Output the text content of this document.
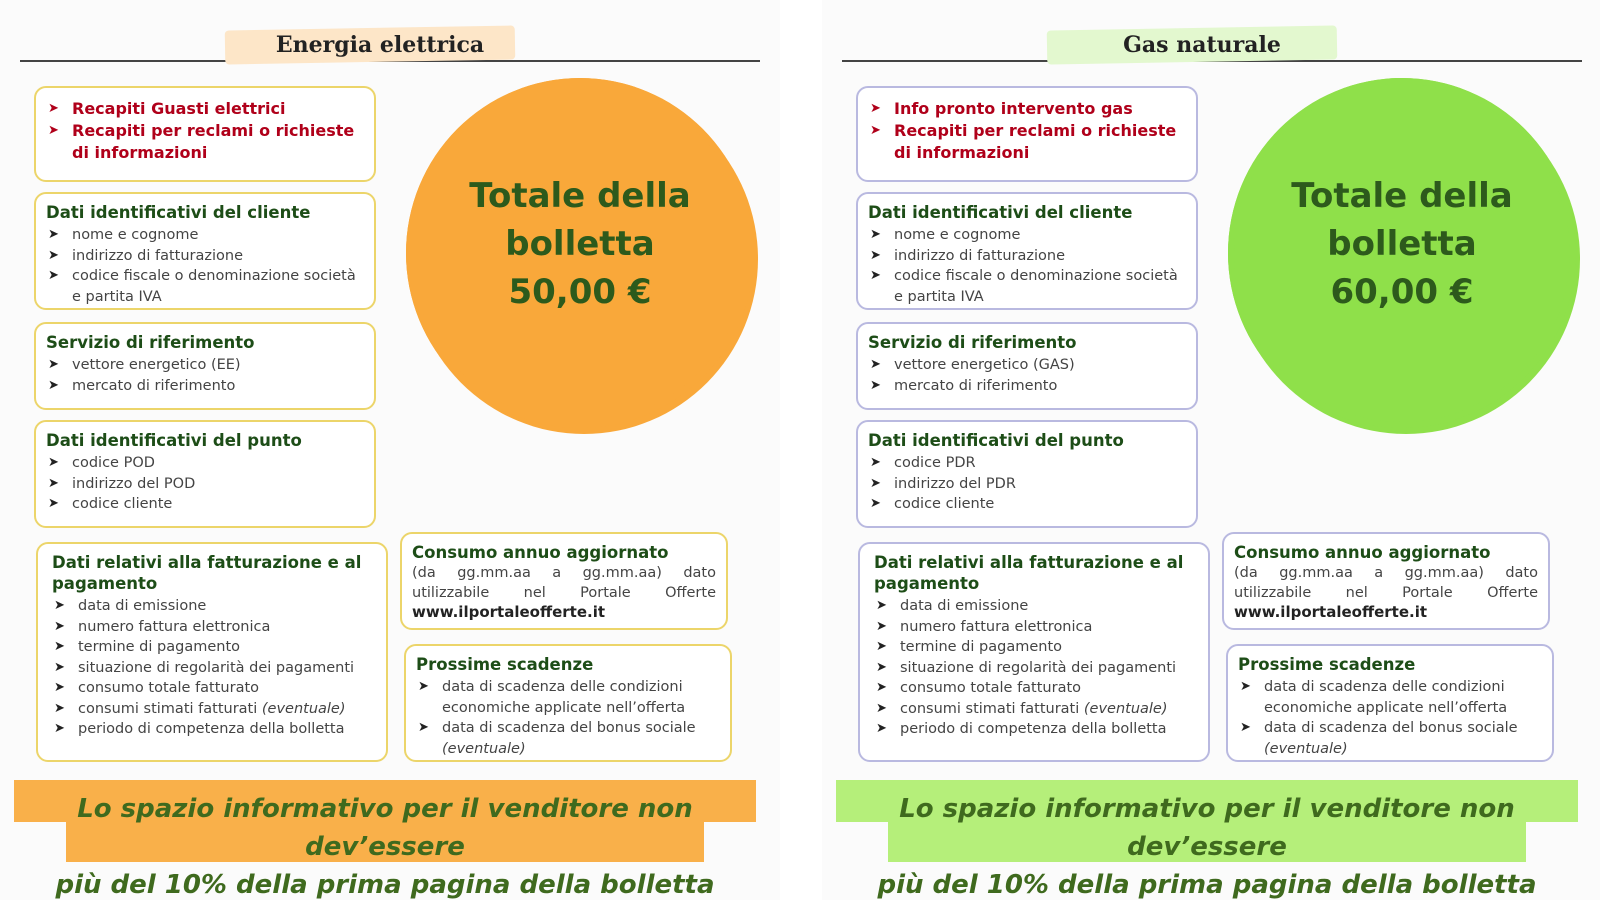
Energia elettrica
➤ Recapiti Guasti elettrici
➤ Recapiti per reclami o richieste di informazioni
Dati identificativi del cliente
➤ nome e cognome
➤ indirizzo di fatturazione
➤ codice fiscale o denominazione società e partita IVA
Servizio di riferimento
➤ vettore energetico (EE)
➤ mercato di riferimento
Dati identificativi del punto
➤ codice POD
➤ indirizzo del POD
➤ codice cliente
Dati relativi alla fatturazione e al pagamento
➤ data di emissione
➤ numero fattura elettronica
➤ termine di pagamento
➤ situazione di regolarità dei pagamenti
➤ consumo totale fatturato
➤ consumi stimati fatturati (eventuale)
➤ periodo di competenza della bolletta
Consumo annuo aggiornato
(da gg.mm.aa a gg.mm.aa) dato
utilizzabile nel Portale Offerte
www.ilportaleofferte.it
Prossime scadenze
➤ data di scadenza delle condizioni economiche applicate nell’offerta
➤ data di scadenza del bonus sociale
(eventuale)
Totale della
bolletta
50,00 €
Lo spazio informativo per il venditore non dev’essere
più del 10% della prima pagina della bolletta
Gas naturale
➤ Info pronto intervento gas
➤ Recapiti per reclami o richieste di informazioni
Dati identificativi del cliente
➤ nome e cognome
➤ indirizzo di fatturazione
➤ codice fiscale o denominazione società e partita IVA
Servizio di riferimento
➤ vettore energetico (GAS)
➤ mercato di riferimento
Dati identificativi del punto
➤ codice PDR
➤ indirizzo del PDR
➤ codice cliente
Dati relativi alla fatturazione e al pagamento
➤ data di emissione
➤ numero fattura elettronica
➤ termine di pagamento
➤ situazione di regolarità dei pagamenti
➤ consumo totale fatturato
➤ consumi stimati fatturati (eventuale)
➤ periodo di competenza della bolletta
Consumo annuo aggiornato
(da gg.mm.aa a gg.mm.aa) dato
utilizzabile nel Portale Offerte
www.ilportaleofferte.it
Prossime scadenze
➤ data di scadenza delle condizioni economiche applicate nell’offerta
➤ data di scadenza del bonus sociale
(eventuale)
Totale della
bolletta
60,00 €
Lo spazio informativo per il venditore non dev’essere
più del 10% della prima pagina della bolletta
